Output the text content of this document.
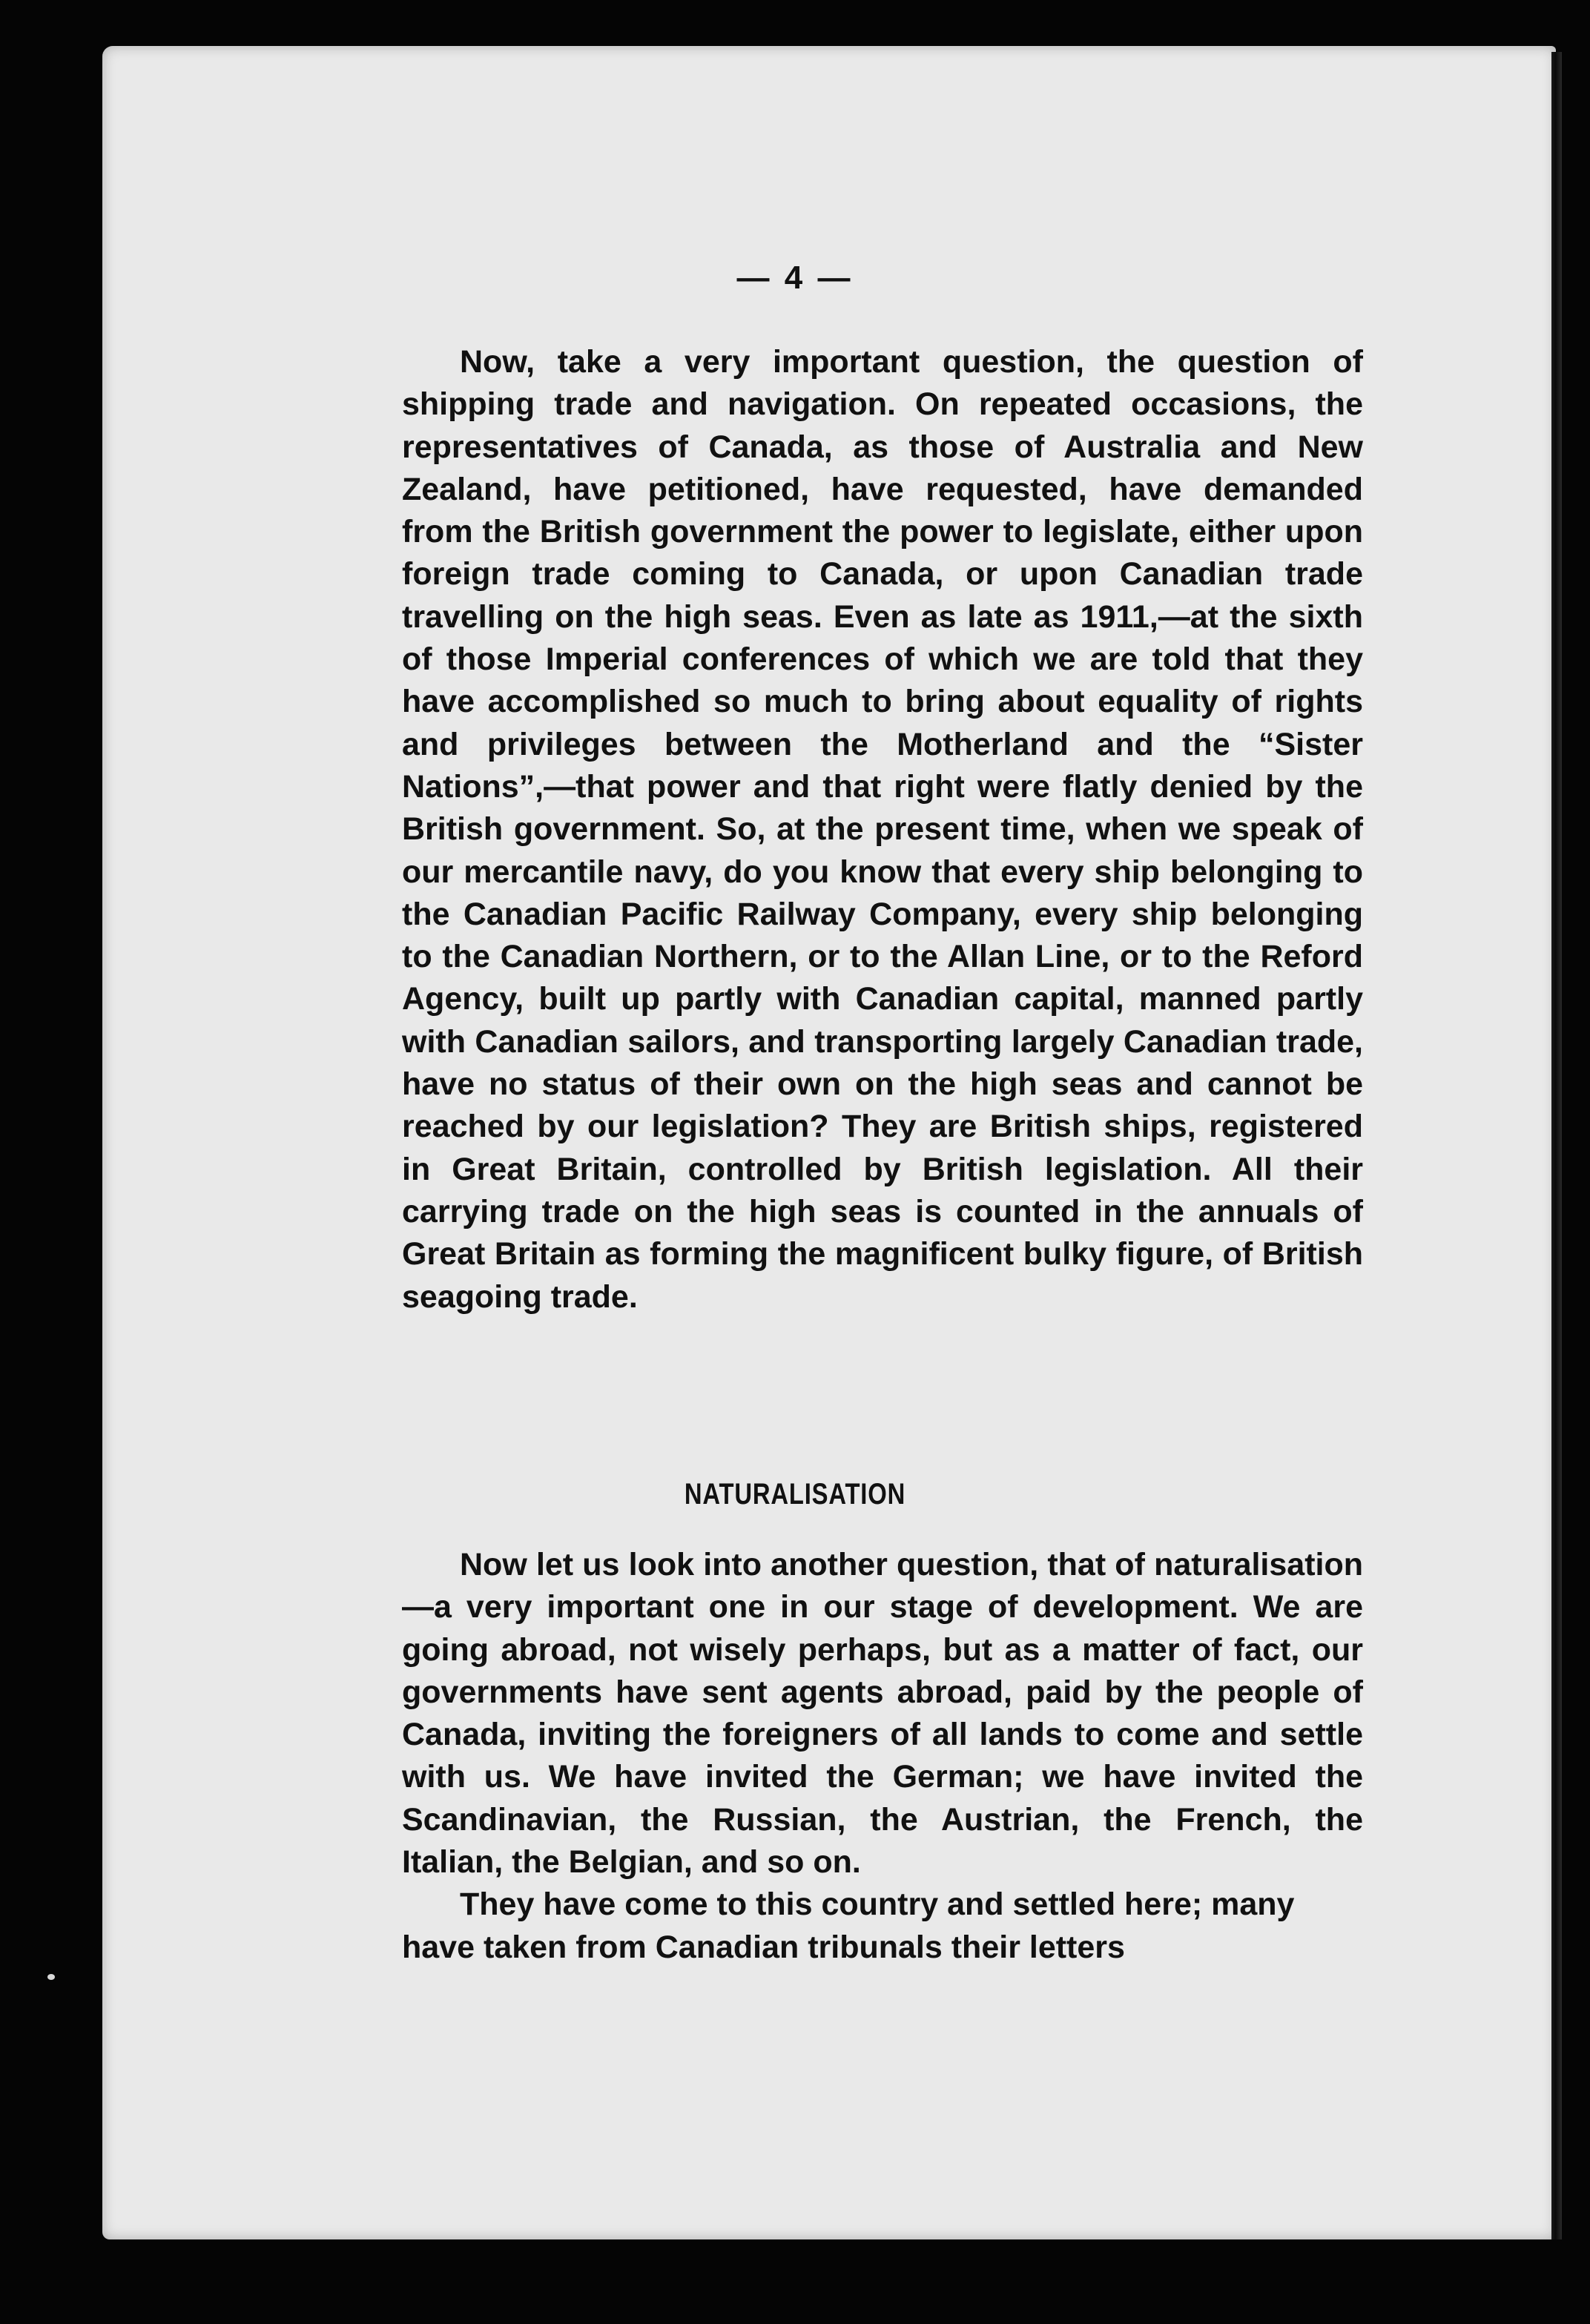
— 4 —

Now, take a very important question, the question of shipping trade and navigation. On repeated occasions, the representatives of Canada, as those of Australia and New Zealand, have petitioned, have requested, have demanded from the British government the power to legislate, either upon foreign trade coming to Canada, or upon Canadian trade travelling on the high seas. Even as late as 1911,—at the sixth of those Imperial conferences of which we are told that they have accomplished so much to bring about equality of rights and privileges between the Motherland and the “Sister Nations”,—that power and that right were flatly denied by the British government. So, at the present time, when we speak of our mercantile navy, do you know that every ship belonging to the Canadian Pacific Railway Company, every ship belonging to the Canadian Northern, or to the Allan Line, or to the Reford Agency, built up partly with Canadian capital, manned partly with Canadian sailors, and transporting largely Canadian trade, have no status of their own on the high seas and cannot be reached by our legislation? They are British ships, registered in Great Britain, controlled by British legislation. All their carrying trade on the high seas is counted in the annuals of Great Britain as forming the magnificent bulky figure, of British seagoing trade.

NATURALISATION

Now let us look into another question, that of naturalisation—a very important one in our stage of development. We are going abroad, not wisely perhaps, but as a matter of fact, our governments have sent agents abroad, paid by the people of Canada, inviting the foreigners of all lands to come and settle with us. We have invited the German; we have invited the Scandinavian, the Russian, the Austrian, the French, the Italian, the Belgian, and so on.

They have come to this country and settled here; many have taken from Canadian tribunals their letters
